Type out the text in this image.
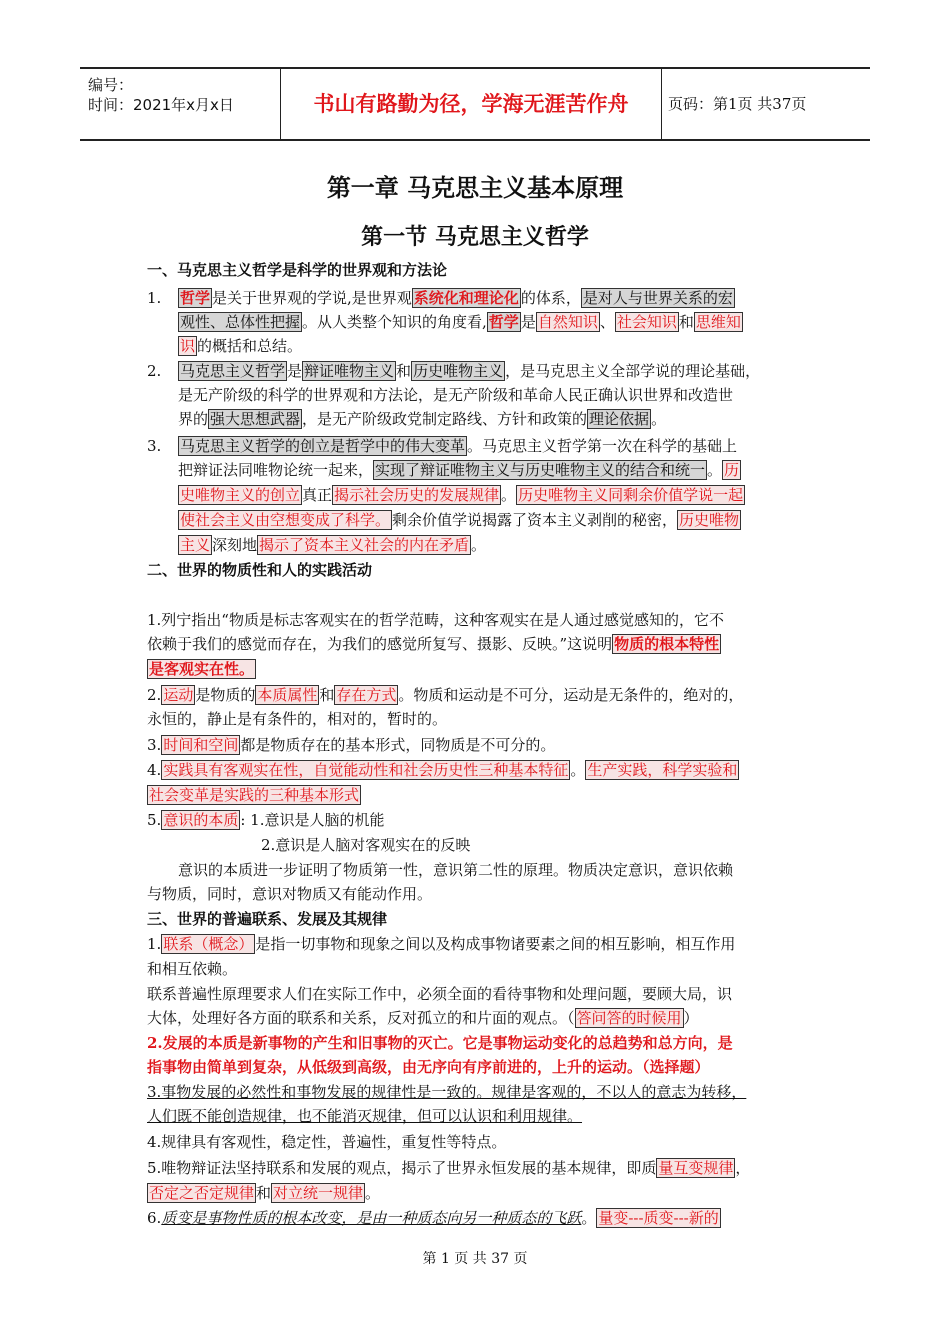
编号：
时间：2021年x月x日	书山有路勤为径，学海无涯苦作舟	页码：第1页 共37页
第一章 马克思主义基本原理
第一节 马克思主义哲学
一、马克思主义哲学是科学的世界观和方法论
1. 哲学 是关于世界观的学说,是世界观 系统化和理论化 的体系， 是对人与世界关系的宏
观性、总体性把握 。从人类整个知识的角度看, 哲学 是 自然知识 、 社会知识 和 思维知
识 的概括和总结。
2. 马克思主义哲学 是 辩证唯物主义 和 历史唯物主义 ，是马克思主义全部学说的理论基础，
是无产阶级的科学的世界观和方法论，是无产阶级和革命人民正确认识世界和改造世
界的 强大思想武器 ，是无产阶级政党制定路线、方针和政策的 理论依据 。
3. 马克思主义哲学的创立是哲学中的伟大变革 。马克思主义哲学第一次在科学的基础上
把辩证法同唯物论统一起来， 实现了辩证唯物主义与历史唯物主义的结合和统一 。 历
史唯物主义的创立 真正 揭示社会历史的发展规律 。 历史唯物主义同剩余价值学说一起
使社会主义由空想变成了科学。 剩余价值学说揭露了资本主义剥削的秘密， 历史唯物
主义 深刻地 揭示了资本主义社会的内在矛盾 。
二、世界的物质性和人的实践活动
1.列宁指出“物质是标志客观实在的哲学范畴，这种客观实在是人通过感觉感知的，它不
依赖于我们的感觉而存在，为我们的感觉所复写、摄影、反映。”这说明 物质的根本特性
是客观实在性。
2. 运动 是物质的 本质属性 和 存在方式 。物质和运动是不可分，运动是无条件的，绝对的，
永恒的，静止是有条件的，相对的，暂时的。
3. 时间和空间 都是物质存在的基本形式，同物质是不可分的。
4. 实践具有客观实在性，自觉能动性和社会历史性三种基本特征 。 生产实践，科学实验和
社会变革是实践的三种基本形式
5. 意识的本质 : 1.意识是人脑的机能
2.意识是人脑对客观实在的反映
意识的本质进一步证明了物质第一性，意识第二性的原理。物质决定意识，意识依赖
与物质，同时，意识对物质又有能动作用。
三、世界的普遍联系、发展及其规律
1. 联系（概念） 是指一切事物和现象之间以及构成事物诸要素之间的相互影响，相互作用
和相互依赖。
联系普遍性原理要求人们在实际工作中，必须全面的看待事物和处理问题，要顾大局，识
大体，处理好各方面的联系和关系，反对孤立的和片面的观点。（ 答问答的时候用 ）
2.发展的本质是新事物的产生和旧事物的灭亡。它是事物运动变化的总趋势和总方向，是
指事物由简单到复杂，从低级到高级，由无序向有序前进的，上升的运动。（选择题）
3.事物发展的必然性和事物发展的规律性是一致的。规律是客观的，不以人的意志为转移，
人们既不能创造规律，也不能消灭规律，但可以认识和利用规律。
4.规律具有客观性，稳定性，普遍性，重复性等特点。
5.唯物辩证法坚持联系和发展的观点，揭示了世界永恒发展的基本规律，即质 量互变规律 ，
否定之否定规律 和 对立统一规律 。
6.质变是事物性质的根本改变，是由一种质态向另一种质态的飞跃。 量变---质变---新的
第 1 页 共 37 页
